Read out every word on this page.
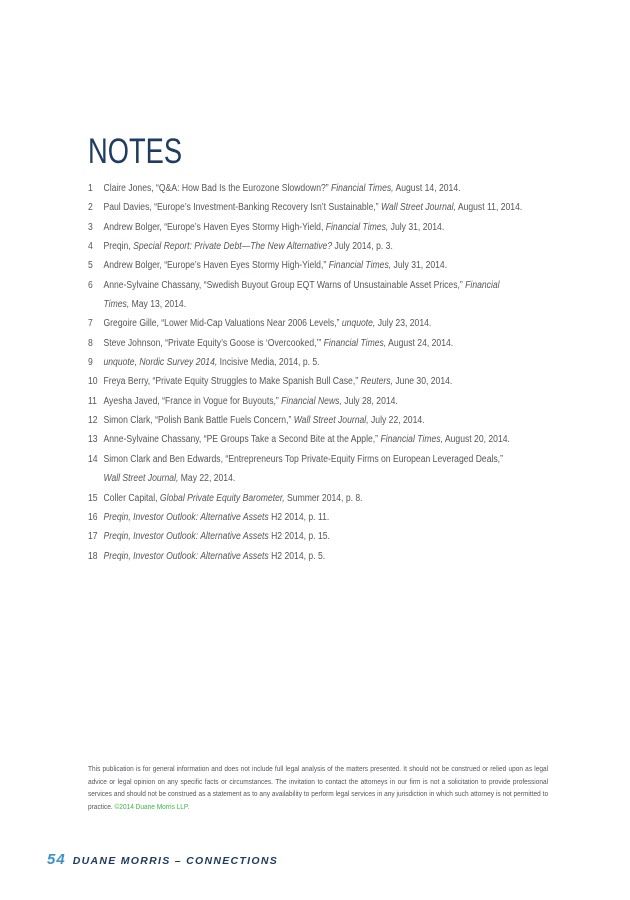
NOTES
1	Claire Jones, “Q&A: How Bad Is the Eurozone Slowdown?” Financial Times, August 14, 2014.
2	Paul Davies, “Europe’s Investment-Banking Recovery Isn’t Sustainable,” Wall Street Journal, August 11, 2014.
3	Andrew Bolger, “Europe’s Haven Eyes Stormy High-Yield, Financial Times, July 31, 2014.
4	Preqin, Special Report: Private Debt—The New Alternative? July 2014, p. 3.
5	Andrew Bolger, “Europe’s Haven Eyes Stormy High-Yield,” Financial Times, July 31, 2014.
6	Anne-Sylvaine Chassany, “Swedish Buyout Group EQT Warns of Unsustainable Asset Prices,” Financial
Times, May 13, 2014.
7	Gregoire Gille, “Lower Mid-Cap Valuations Near 2006 Levels,” unquote, July 23, 2014.
8	Steve Johnson, “Private Equity’s Goose is ‘Overcooked,’” Financial Times, August 24, 2014.
9	unquote, Nordic Survey 2014, Incisive Media, 2014, p. 5.
10 Freya Berry, “Private Equity Struggles to Make Spanish Bull Case,” Reuters, June 30, 2014.
11 Ayesha Javed, “France in Vogue for Buyouts,” Financial News, July 28, 2014.
12 Simon Clark, “Polish Bank Battle Fuels Concern,” Wall Street Journal, July 22, 2014.
13 Anne-Sylvaine Chassany, “PE Groups Take a Second Bite at the Apple,” Financial Times, August 20, 2014.
14 Simon Clark and Ben Edwards, “Entrepreneurs Top Private-Equity Firms on European Leveraged Deals,”
Wall Street Journal, May 22, 2014.
15 Coller Capital, Global Private Equity Barometer, Summer 2014, p. 8.
16 Preqin, Investor Outlook: Alternative Assets H2 2014, p. 11.
17 Preqin, Investor Outlook: Alternative Assets H2 2014, p. 15.
18 Preqin, Investor Outlook: Alternative Assets H2 2014, p. 5.

This publication is for general information and does not include full legal analysis of the matters presented. It should not be construed or relied upon as legal advice or legal opinion on any specific facts or circumstances. The invitation to contact the attorneys in our firm is not a solicitation to provide professional services and should not be construed as a statement as to any availability to perform legal services in any jurisdiction in which such attorney is not permitted to practice. ©2014 Duane Morris LLP.

54 DUANE MORRIS – CONNECTIONS
